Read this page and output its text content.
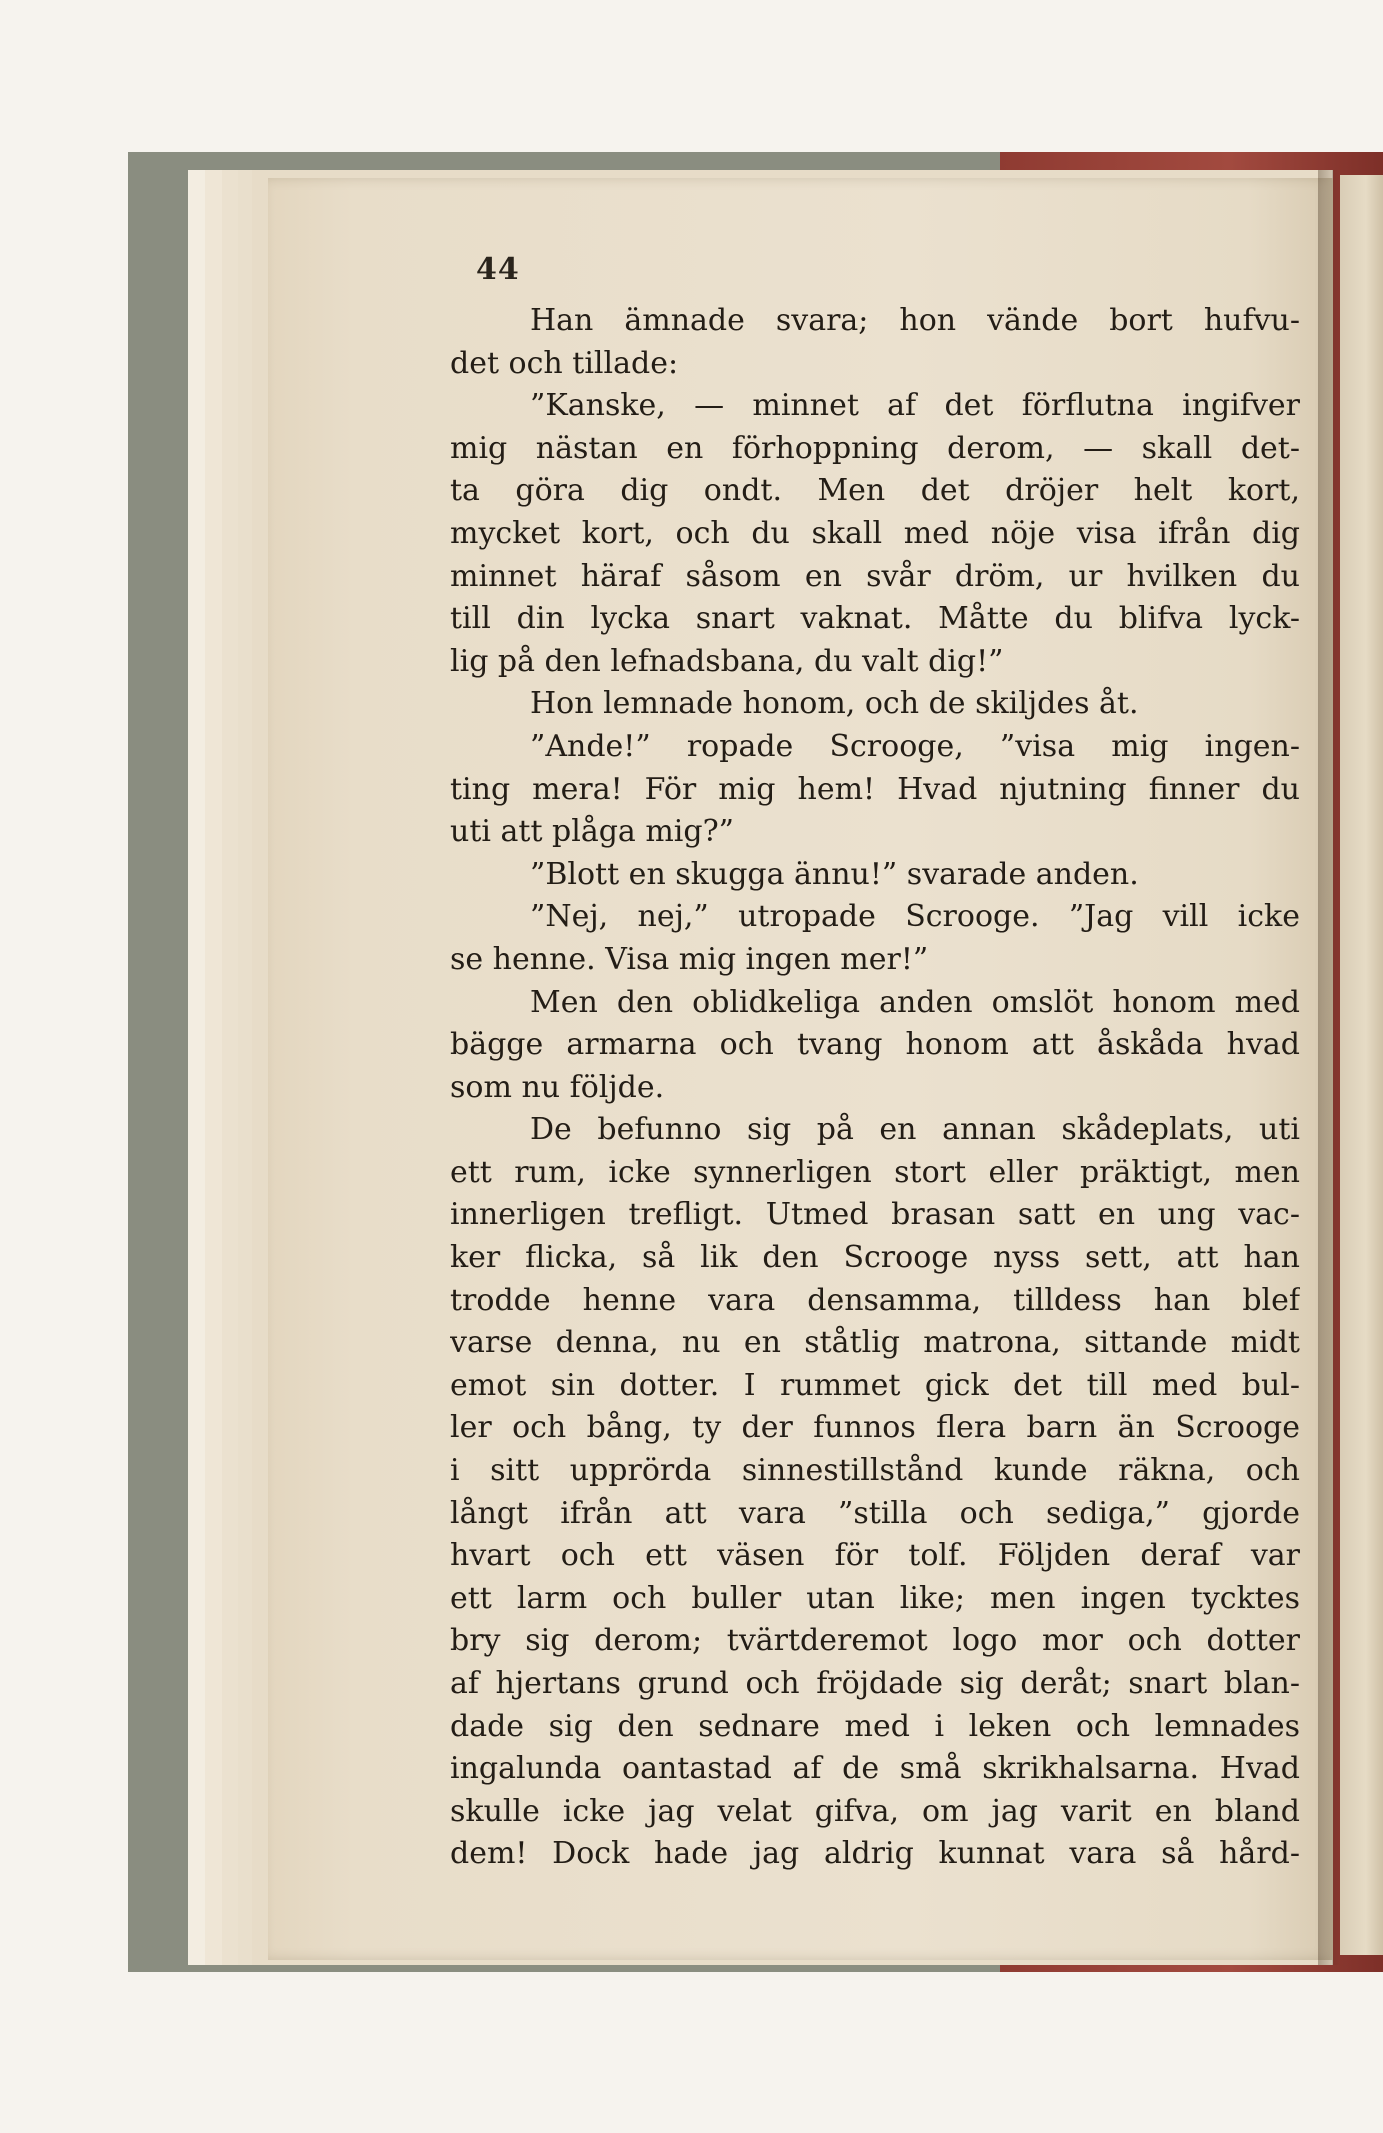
44
Han ämnade svara; hon vände bort hufvu-
det och tillade:
”Kanske, — minnet af det förflutna ingifver
mig nästan en förhoppning derom, — skall det-
ta göra dig ondt. Men det dröjer helt kort,
mycket kort, och du skall med nöje visa ifrån dig
minnet häraf såsom en svår dröm, ur hvilken du
till din lycka snart vaknat. Måtte du blifva lyck-
lig på den lefnadsbana, du valt dig!”
Hon lemnade honom, och de skiljdes åt.
”Ande!” ropade Scrooge, ”visa mig ingen-
ting mera! För mig hem! Hvad njutning finner du
uti att plåga mig?”
”Blott en skugga ännu!” svarade anden.
”Nej, nej,” utropade Scrooge. ”Jag vill icke
se henne. Visa mig ingen mer!”
Men den oblidkeliga anden omslöt honom med
bägge armarna och tvang honom att åskåda hvad
som nu följde.
De befunno sig på en annan skådeplats, uti
ett rum, icke synnerligen stort eller präktigt, men
innerligen trefligt. Utmed brasan satt en ung vac-
ker flicka, så lik den Scrooge nyss sett, att han
trodde henne vara densamma, tilldess han blef
varse denna, nu en ståtlig matrona, sittande midt
emot sin dotter. I rummet gick det till med bul-
ler och bång, ty der funnos flera barn än Scrooge
i sitt upprörda sinnestillstånd kunde räkna, och
långt ifrån att vara ”stilla och sediga,” gjorde
hvart och ett väsen för tolf. Följden deraf var
ett larm och buller utan like; men ingen tycktes
bry sig derom; tvärtderemot logo mor och dotter
af hjertans grund och fröjdade sig deråt; snart blan-
dade sig den sednare med i leken och lemnades
ingalunda oantastad af de små skrikhalsarna. Hvad
skulle icke jag velat gifva, om jag varit en bland
dem! Dock hade jag aldrig kunnat vara så hård-
